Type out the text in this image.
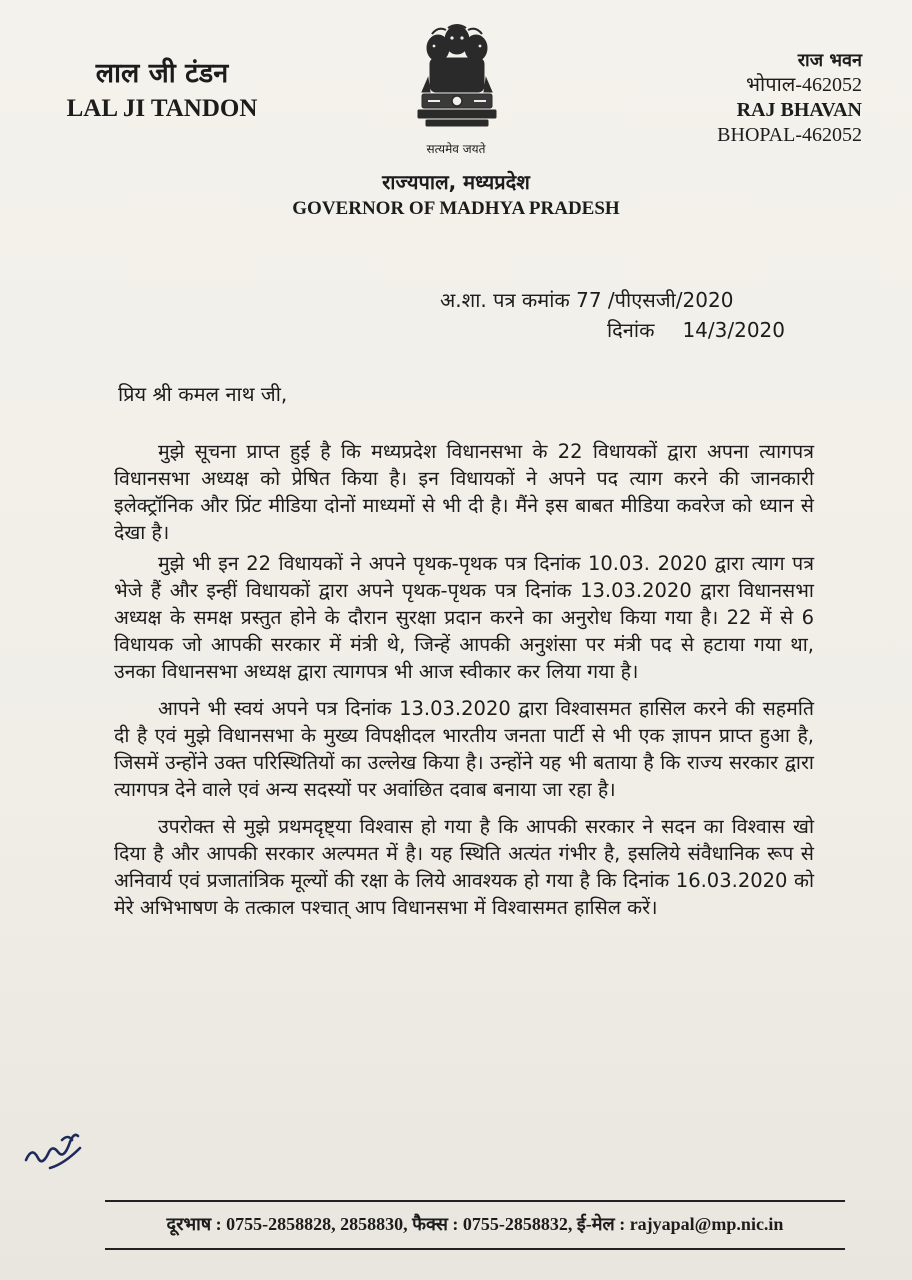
लाल जी टंडन
LAL JI TANDON
सत्यमेव जयते
राज भवन
भोपाल-462052
RAJ BHAVAN
BHOPAL-462052
राज्यपाल, मध्यप्रदेश
GOVERNOR OF MADHYA PRADESH
अ.शा. पत्र कमांक 77 /पीएसजी/2020
दिनांक 14/3/2020
प्रिय श्री कमल नाथ जी,

मुझे सूचना प्राप्त हुई है कि मध्यप्रदेश विधानसभा के 22 विधायकों द्वारा अपना त्यागपत्र विधानसभा अध्यक्ष को प्रेषित किया है। इन विधायकों ने अपने पद त्याग करने की जानकारी इलेक्ट्रॉनिक और प्रिंट मीडिया दोनों माध्यमों से भी दी है। मैंने इस बाबत मीडिया कवरेज को ध्यान से देखा है।

मुझे भी इन 22 विधायकों ने अपने पृथक-पृथक पत्र दिनांक 10.03. 2020 द्वारा त्याग पत्र भेजे हैं और इन्हीं विधायकों द्वारा अपने पृथक-पृथक पत्र दिनांक 13.03.2020 द्वारा विधानसभा अध्यक्ष के समक्ष प्रस्तुत होने के दौरान सुरक्षा प्रदान करने का अनुरोध किया गया है। 22 में से 6 विधायक जो आपकी सरकार में मंत्री थे, जिन्हें आपकी अनुशंसा पर मंत्री पद से हटाया गया था, उनका विधानसभा अध्यक्ष द्वारा त्यागपत्र भी आज स्वीकार कर लिया गया है।

आपने भी स्वयं अपने पत्र दिनांक 13.03.2020 द्वारा विश्वासमत हासिल करने की सहमति दी है एवं मुझे विधानसभा के मुख्य विपक्षीदल भारतीय जनता पार्टी से भी एक ज्ञापन प्राप्त हुआ है, जिसमें उन्होंने उक्त परिस्थितियों का उल्लेख किया है। उन्होंने यह भी बताया है कि राज्य सरकार द्वारा त्यागपत्र देने वाले एवं अन्य सदस्यों पर अवांछित दवाब बनाया जा रहा है।

उपरोक्त से मुझे प्रथमदृष्ट्या विश्वास हो गया है कि आपकी सरकार ने सदन का विश्वास खो दिया है और आपकी सरकार अल्पमत में है। यह स्थिति अत्यंत गंभीर है, इसलिये संवैधानिक रूप से अनिवार्य एवं प्रजातांत्रिक मूल्यों की रक्षा के लिये आवश्यक हो गया है कि दिनांक 16.03.2020 को मेरे अभिभाषण के तत्काल पश्चात् आप विधानसभा में विश्वासमत हासिल करें।

दूरभाष : 0755-2858828, 2858830, फैक्स : 0755-2858832, ई-मेल : rajyapal@mp.nic.in
